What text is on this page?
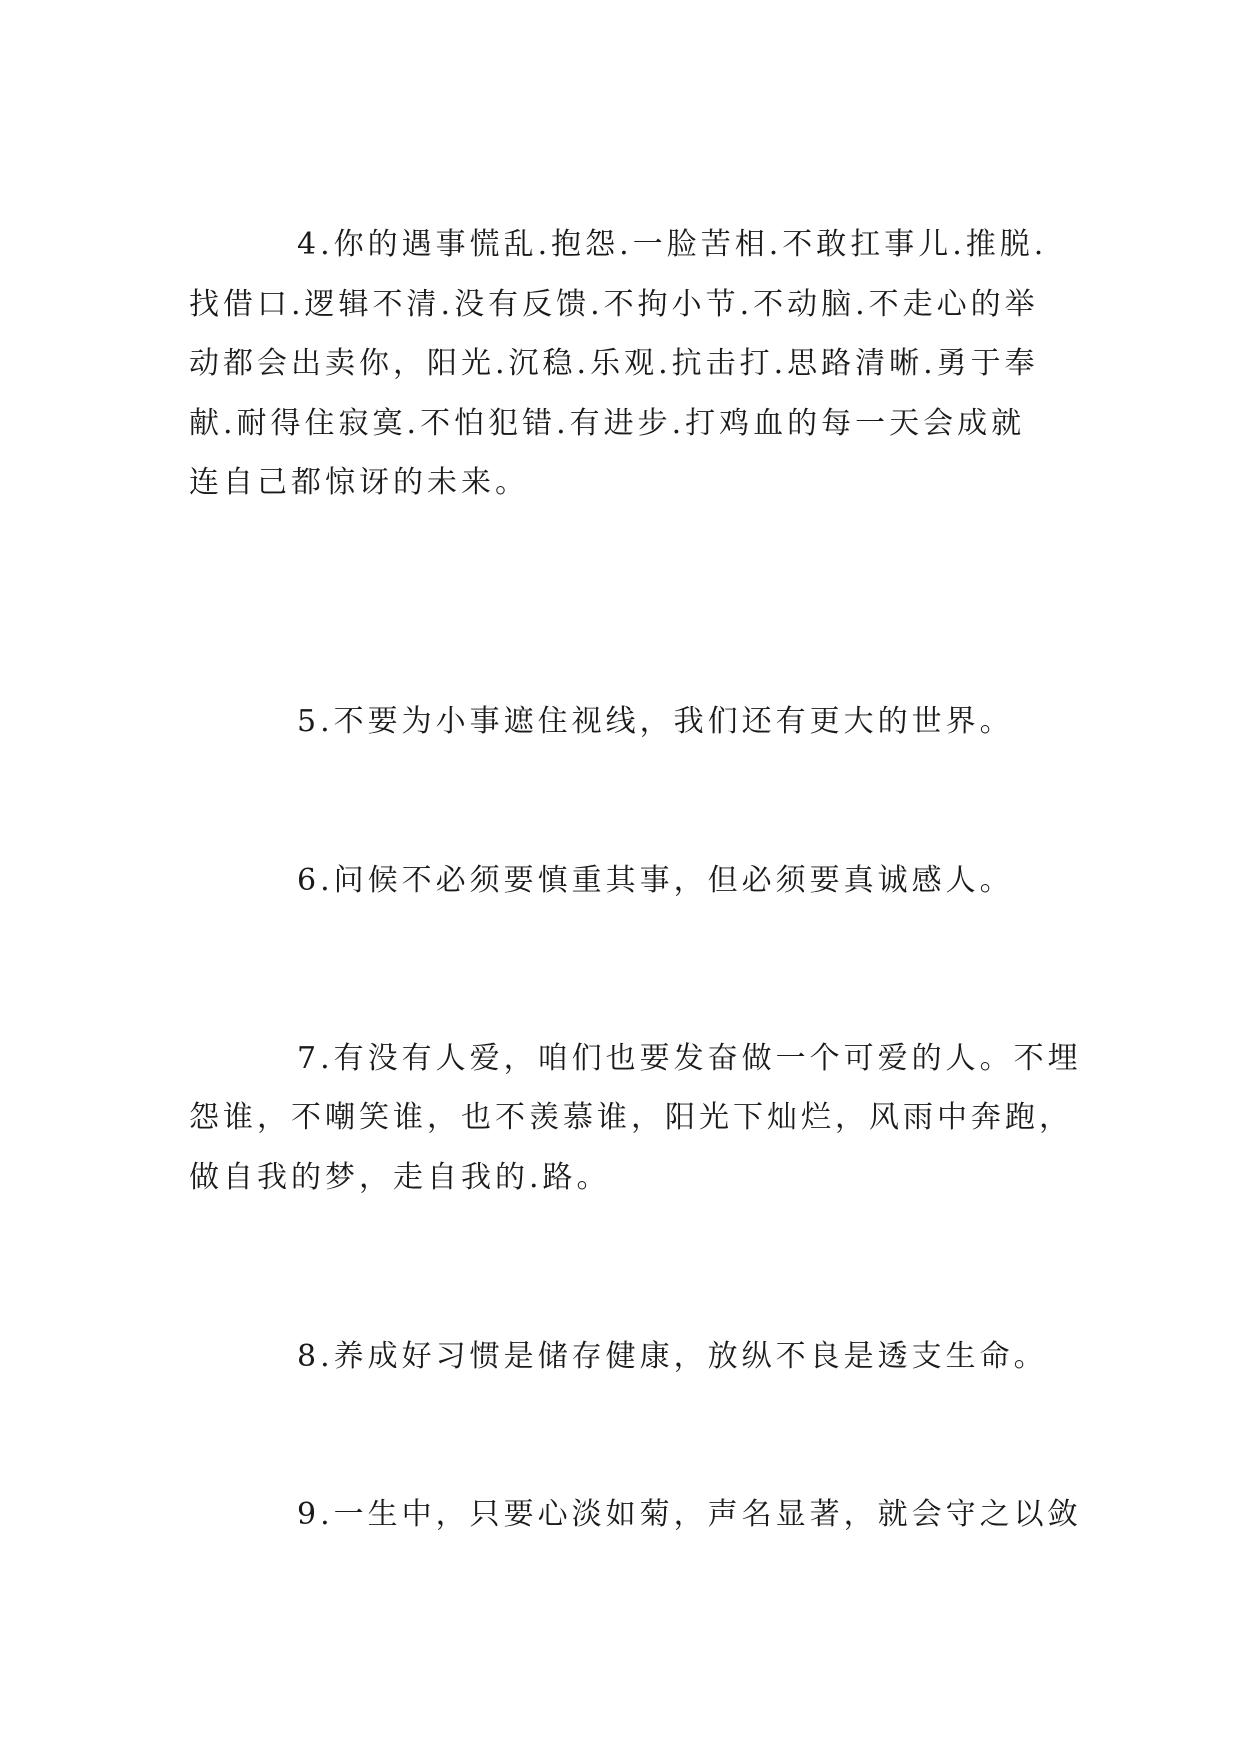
4.你的遇事慌乱.抱怨.一脸苦相.不敢扛事儿.推脱.
找借口.逻辑不清.没有反馈.不拘小节.不动脑.不走心的举
动都会出卖你，阳光.沉稳.乐观.抗击打.思路清晰.勇于奉
献.耐得住寂寞.不怕犯错.有进步.打鸡血的每一天会成就
连自己都惊讶的未来。
5.不要为小事遮住视线，我们还有更大的世界。
6.问候不必须要慎重其事，但必须要真诚感人。
7.有没有人爱，咱们也要发奋做一个可爱的人。不埋
怨谁，不嘲笑谁，也不羡慕谁，阳光下灿烂，风雨中奔跑，
做自我的梦，走自我的.路。
8.养成好习惯是储存健康，放纵不良是透支生命。
9.一生中，只要心淡如菊，声名显著，就会守之以敛
